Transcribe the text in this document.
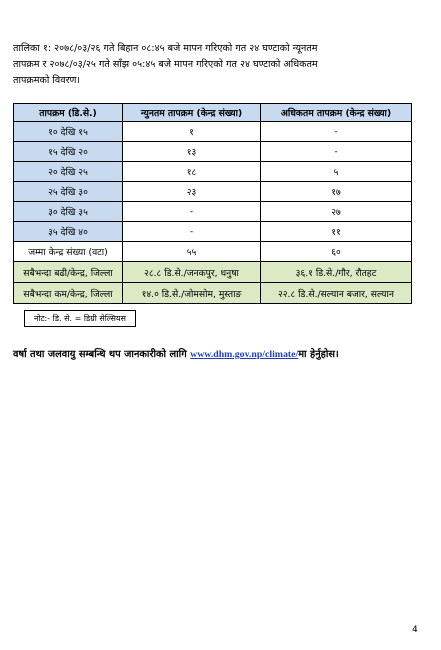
तालिका १: २०७८/०३/२६ गते बिहान ०८:४५ बजे मापन गरिएको गत २४ घण्टाको न्यूनतम

तापक्रम र २०७८/०३/२५ गते साँझ ०५:४५ बजे मापन गरिएको गत २४ घण्टाको अधिकतम

तापक्रमको विवरण।

तापक्रम (डि.से.)	न्युनतम तापक्रम (केन्द्र संख्या)	अधिकतम तापक्रम (केन्द्र संख्या)
१० देखि १५	१	-
१५ देखि २०	१३	-
२० देखि २५	१८	५
२५ देखि ३०	२३	१७
३० देखि ३५	-	२७
३५ देखि ४०	-	११
जम्मा केन्द्र संख्या (वटा)	५५	६०
सबैभन्दा बढी/केन्द्र, जिल्ला	२८.८ डि.से./जनकपुर, धनुषा	३६.१ डि.से./गौर, रौतहट
सबैभन्दा कम/केन्द्र, जिल्ला	१४.० डि.से./जोमसोम, मुस्ताङ	२२.८ डि.से./सल्यान बजार, सल्यान
नोट:- डि. से. = डिग्री सेल्सियस
वर्षा तथा जलवायु सम्बन्धि थप जानकारीको लागि www.dhm.gov.np/climate/मा हेर्नुहोस।
4
